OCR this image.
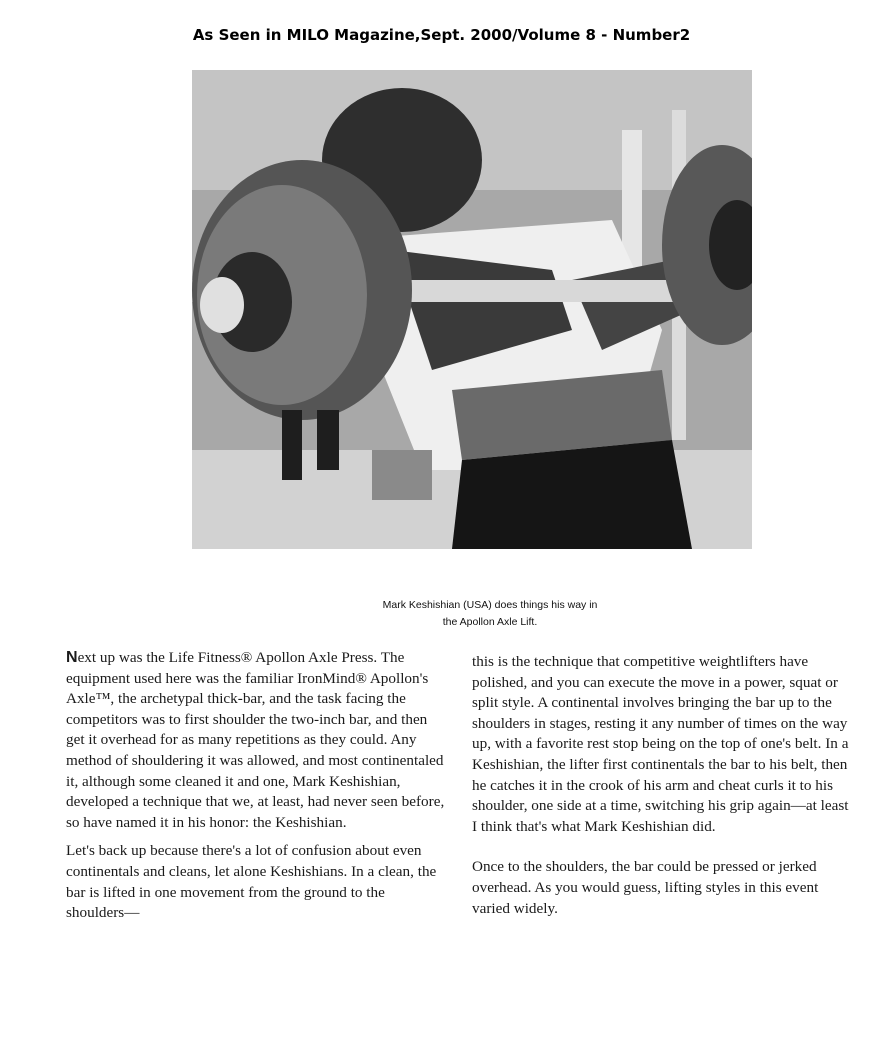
As Seen in MILO Magazine,Sept. 2000/Volume 8 - Number2
Mark Keshishian (USA) does things his way in
the Apollon Axle Lift.

Next up was the Life Fitness® Apollon Axle Press. The equipment used here was the familiar IronMind® Apollon's Axle™, the archetypal thick-bar, and the task facing the competitors was to first shoulder the two-inch bar, and then get it overhead for as many repetitions as they could. Any method of shouldering it was allowed, and most continentaled it, although some cleaned it and one, Mark Keshishian, developed a technique that we, at least, had never seen before, so have named it in his honor: the Keshishian.

Let's back up because there's a lot of confusion about even continentals and cleans, let alone Keshishians. In a clean, the bar is lifted in one movement from the ground to the shoulders—

this is the technique that competitive weightlifters have polished, and you can execute the move in a power, squat or split style. A continental involves bringing the bar up to the shoulders in stages, resting it any number of times on the way up, with a favorite rest stop being on the top of one's belt. In a Keshishian, the lifter first continentals the bar to his belt, then he catches it in the crook of his arm and cheat curls it to his shoulder, one side at a time, switching his grip again—at least I think that's what Mark Keshishian did.

Once to the shoulders, the bar could be pressed or jerked overhead. As you would guess, lifting styles in this event varied widely.
